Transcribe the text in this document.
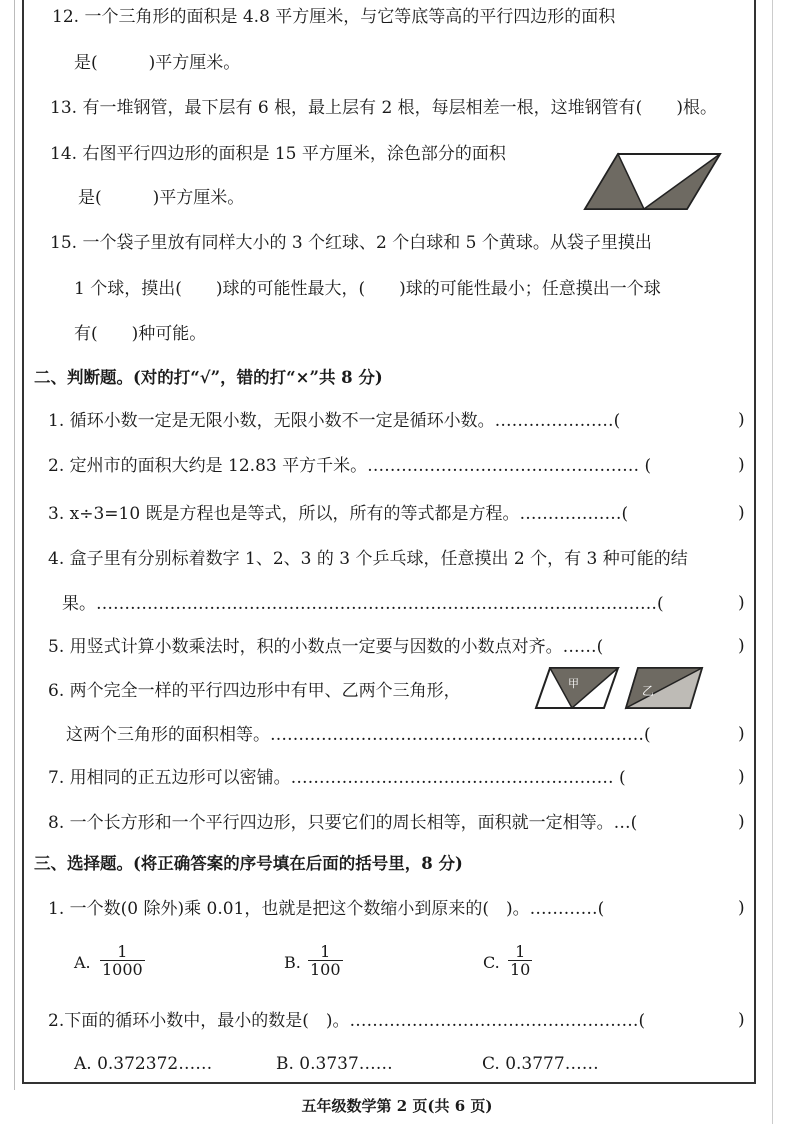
12. 一个三角形的面积是 4.8 平方厘米，与它等底等高的平行四边形的面积
是(　　　)平方厘米。
13. 有一堆钢管，最下层有 6 根，最上层有 2 根，每层相差一根，这堆钢管有(　　)根。
14. 右图平行四边形的面积是 15 平方厘米，涂色部分的面积
是(　　　)平方厘米。
15. 一个袋子里放有同样大小的 3 个红球、2 个白球和 5 个黄球。从袋子里摸出
1 个球，摸出(　　)球的可能性最大，(　　)球的可能性最小；任意摸出一个球
有(　　)种可能。
二、判断题。(对的打“√”，错的打“×”共 8 分)
1. 循环小数一定是无限小数，无限小数不一定是循环小数。…………………(	)
2. 定州市的面积大约是 12.83 平方千米。………………………………………… (	)
3. x÷3=10 既是方程也是等式，所以，所有的等式都是方程。………………(	)
4. 盒子里有分别标着数字 1、2、3 的 3 个乒乓球，任意摸出 2 个，有 3 种可能的结
果。………………………………………………………………………………………(	)
5. 用竖式计算小数乘法时，积的小数点一定要与因数的小数点对齐。……(	)
6. 两个完全一样的平行四边形中有甲、乙两个三角形，	甲
乙
这两个三角形的面积相等。…………………………………………………………(	)
7. 用相同的正五边形可以密铺。………………………………………………… (	)
8. 一个长方形和一个平行四边形，只要它们的周长相等，面积就一定相等。…(	)
三、选择题。(将正确答案的序号填在后面的括号里，8 分)
1. 一个数(0 除外)乘 0.01，也就是把这个数缩小到原来的(　)。…………(	)
A. $\frac{1}{1000}$	B. $\frac{1}{100}$	C. $\frac{1}{10}$
2.下面的循环小数中，最小的数是(　)。……………………………………………(	)
A. 0.372372……	B. 0.3737……	C. 0.3777……
五年级数学第 2 页(共 6 页)
